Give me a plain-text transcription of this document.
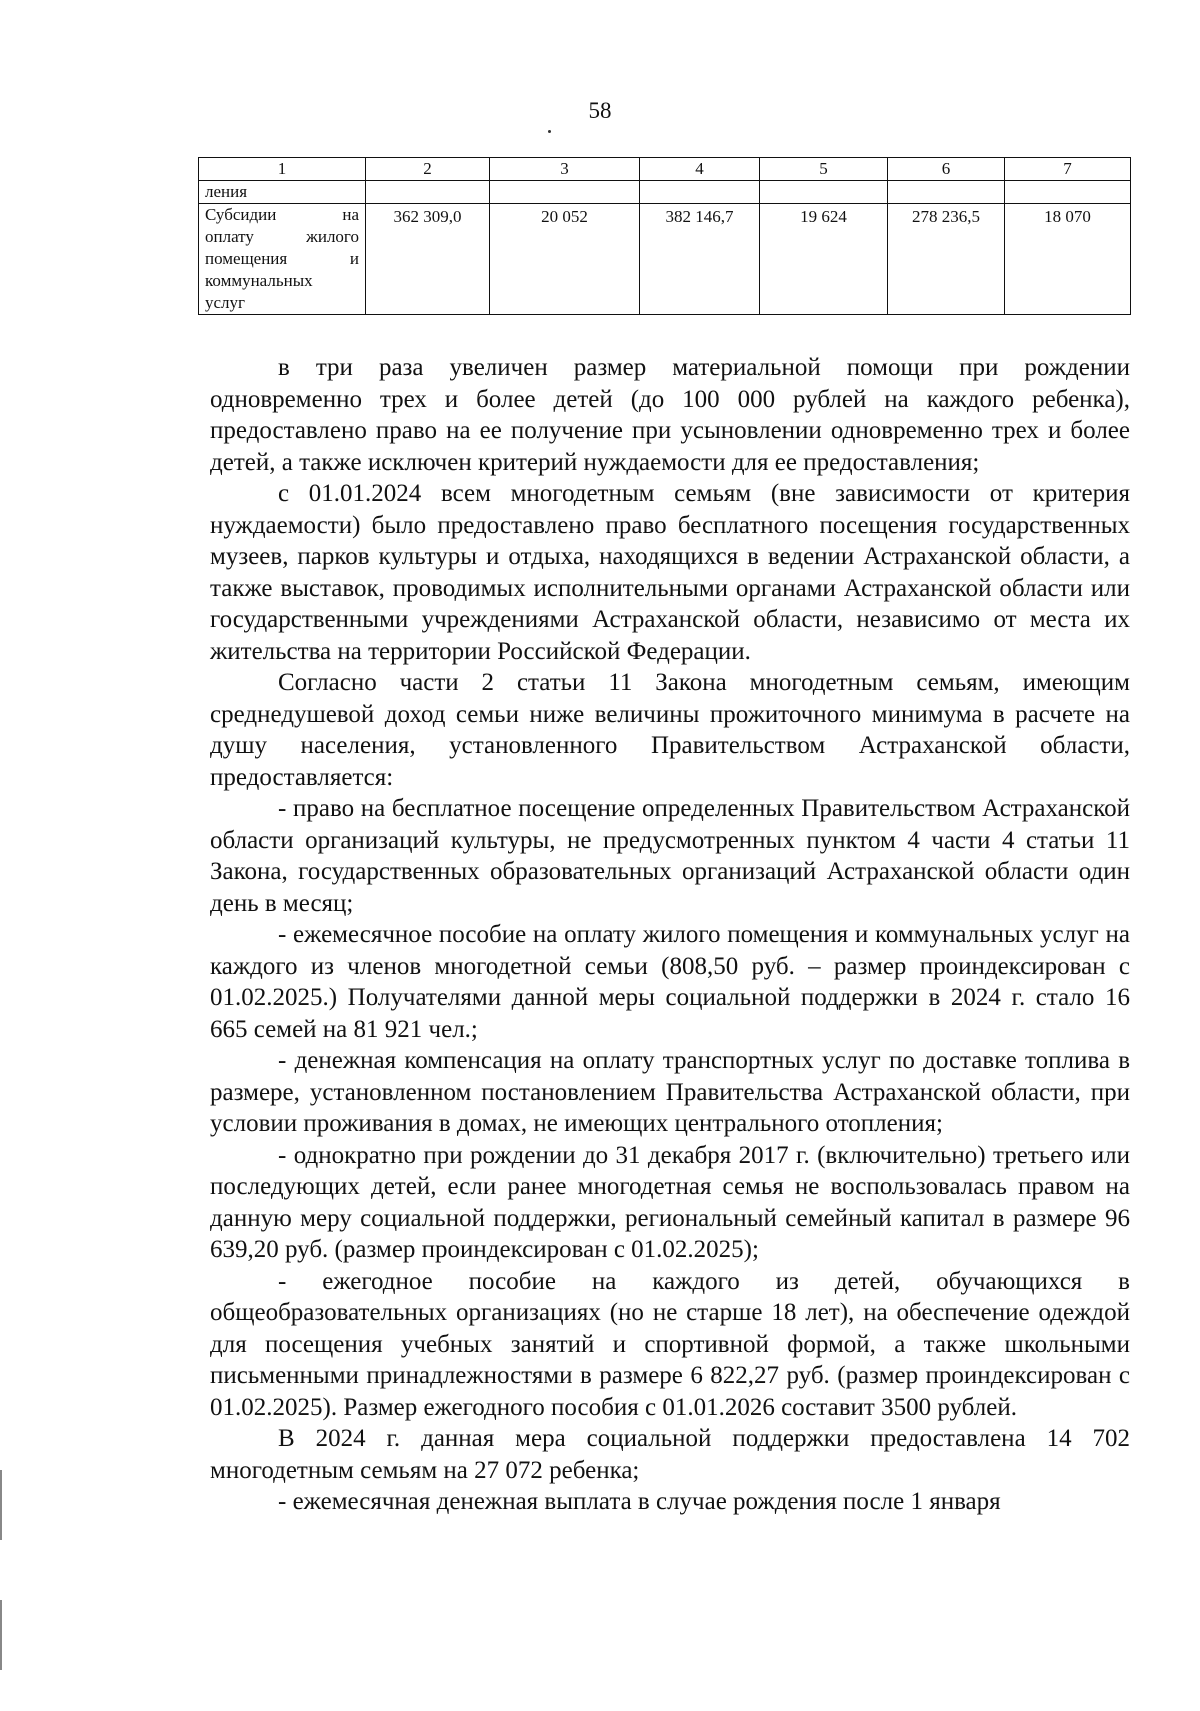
58
1	2	3	4	5	6	7
ления						

Субсидии на
оплату жилого
помещения и
коммунальных
услуг	362 309,0	20 052	382 146,7	19 624	278 236,5	18 070

в три раза увеличен размер материальной помощи при рождении одновременно трех и более детей (до 100 000 рублей на каждого ребенка), предоставлено право на ее получение при усыновлении одновременно трех и более детей, а также исключен критерий нуждаемости для ее предоставления;

с 01.01.2024 всем многодетным семьям (вне зависимости от критерия нуждаемости) было предоставлено право бесплатного посещения государственных музеев, парков культуры и отдыха, находящихся в ведении Астраханской области, а также выставок, проводимых исполнительными органами Астраханской области или государственными учреждениями Астраханской области, независимо от места их жительства на территории Российской Федерации.

Согласно части 2 статьи 11 Закона многодетным семьям, имеющим среднедушевой доход семьи ниже величины прожиточного минимума в расчете на душу населения, установленного Правительством Астраханской области, предоставляется:

- право на бесплатное посещение определенных Правительством Астраханской области организаций культуры, не предусмотренных пунктом 4 части 4 статьи 11 Закона, государственных образовательных организаций Астраханской области один день в месяц;

- ежемесячное пособие на оплату жилого помещения и коммунальных услуг на каждого из членов многодетной семьи (808,50 руб. – размер проиндексирован с 01.02.2025.) Получателями данной меры социальной поддержки в 2024 г. стало 16 665 семей на 81 921 чел.;

- денежная компенсация на оплату транспортных услуг по доставке топлива в размере, установленном постановлением Правительства Астраханской области, при условии проживания в домах, не имеющих центрального отопления;

- однократно при рождении до 31 декабря 2017 г. (включительно) третьего или последующих детей, если ранее многодетная семья не воспользовалась правом на данную меру социальной поддержки, региональный семейный капитал в размере 96 639,20 руб. (размер проиндексирован с 01.02.2025);

- ежегодное пособие на каждого из детей, обучающихся в общеобразовательных организациях (но не старше 18 лет), на обеспечение одеждой для посещения учебных занятий и спортивной формой, а также школьными письменными принадлежностями в размере 6 822,27 руб. (размер проиндексирован с 01.02.2025). Размер ежегодного пособия с 01.01.2026 составит 3500 рублей.

В 2024 г. данная мера социальной поддержки предоставлена 14 702 многодетным семьям на 27 072 ребенка;

- ежемесячная денежная выплата в случае рождения после 1 января
